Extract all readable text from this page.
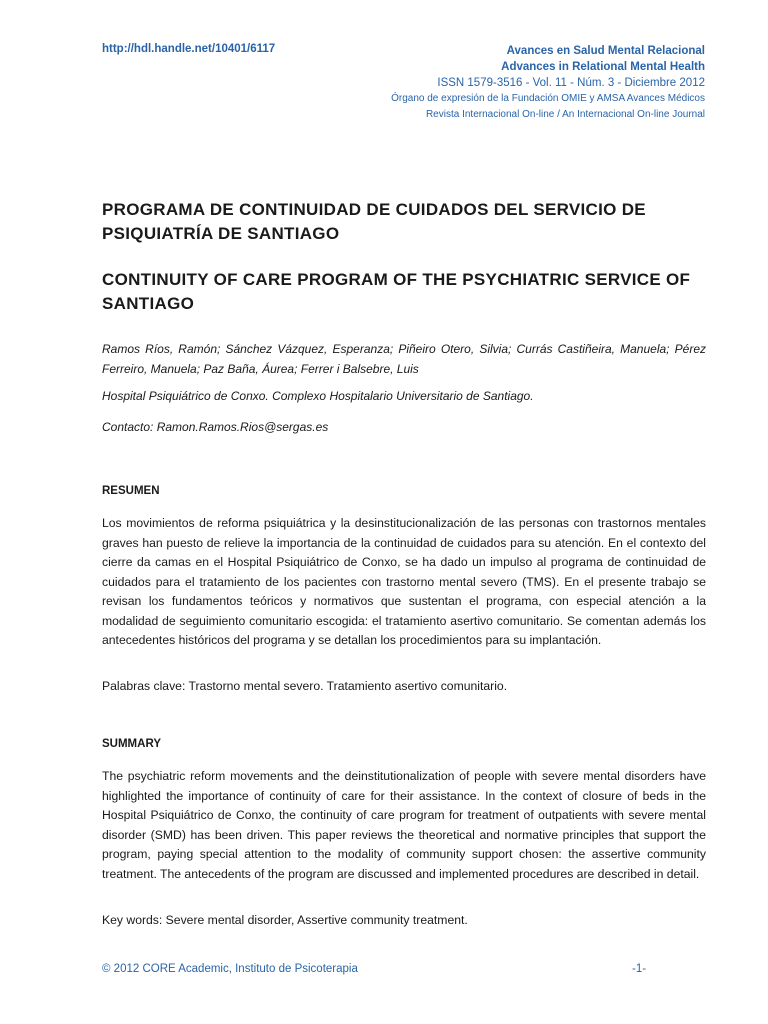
http://hdl.handle.net/10401/6117	Avances en Salud Mental Relacional
Advances in Relational Mental Health
ISSN 1579-3516 - Vol. 11 - Núm. 3 - Diciembre 2012
Órgano de expresión de la Fundación OMIE y AMSA Avances Médicos
Revista Internacional On-line / An Internacional On-line Journal
PROGRAMA DE CONTINUIDAD DE CUIDADOS DEL SERVICIO DE PSIQUIATRÍA DE SANTIAGO
CONTINUITY OF CARE PROGRAM OF THE PSYCHIATRIC SERVICE OF SANTIAGO
Ramos Ríos, Ramón; Sánchez Vázquez, Esperanza; Piñeiro Otero, Silvia; Currás Castiñeira, Manuela; Pérez Ferreiro, Manuela; Paz Baña, Áurea; Ferrer i Balsebre, Luis
Hospital Psiquiátrico de Conxo. Complexo Hospitalario Universitario de Santiago.
Contacto: Ramon.Ramos.Rios@sergas.es
RESUMEN
Los movimientos de reforma psiquiátrica y la desinstitucionalización de las personas con trastornos mentales graves han puesto de relieve la importancia de la continuidad de cuidados para su atención. En el contexto del cierre da camas en el Hospital Psiquiátrico de Conxo, se ha dado un impulso al programa de continuidad de cuidados para el tratamiento de los pacientes con trastorno mental severo (TMS). En el presente trabajo se revisan los fundamentos teóricos y normativos que sustentan el programa, con especial atención a la modalidad de seguimiento comunitario escogida: el tratamiento asertivo comunitario. Se comentan además los antecedentes históricos del programa y se detallan los procedimientos para su implantación.
Palabras clave: Trastorno mental severo. Tratamiento asertivo comunitario.
SUMMARY
The psychiatric reform movements and the deinstitutionalization of people with severe mental disorders have highlighted the importance of continuity of care for their assistance. In the context of closure of beds in the Hospital Psiquiátrico de Conxo, the continuity of care program for treatment of outpatients with severe mental disorder (SMD) has been driven. This paper reviews the theoretical and normative principles that support the program, paying special attention to the modality of community support chosen: the assertive community treatment. The antecedents of the program are discussed and implemented procedures are described in detail.
Key words: Severe mental disorder, Assertive community treatment.
© 2012 CORE Academic, Instituto de Psicoterapia	-1-
